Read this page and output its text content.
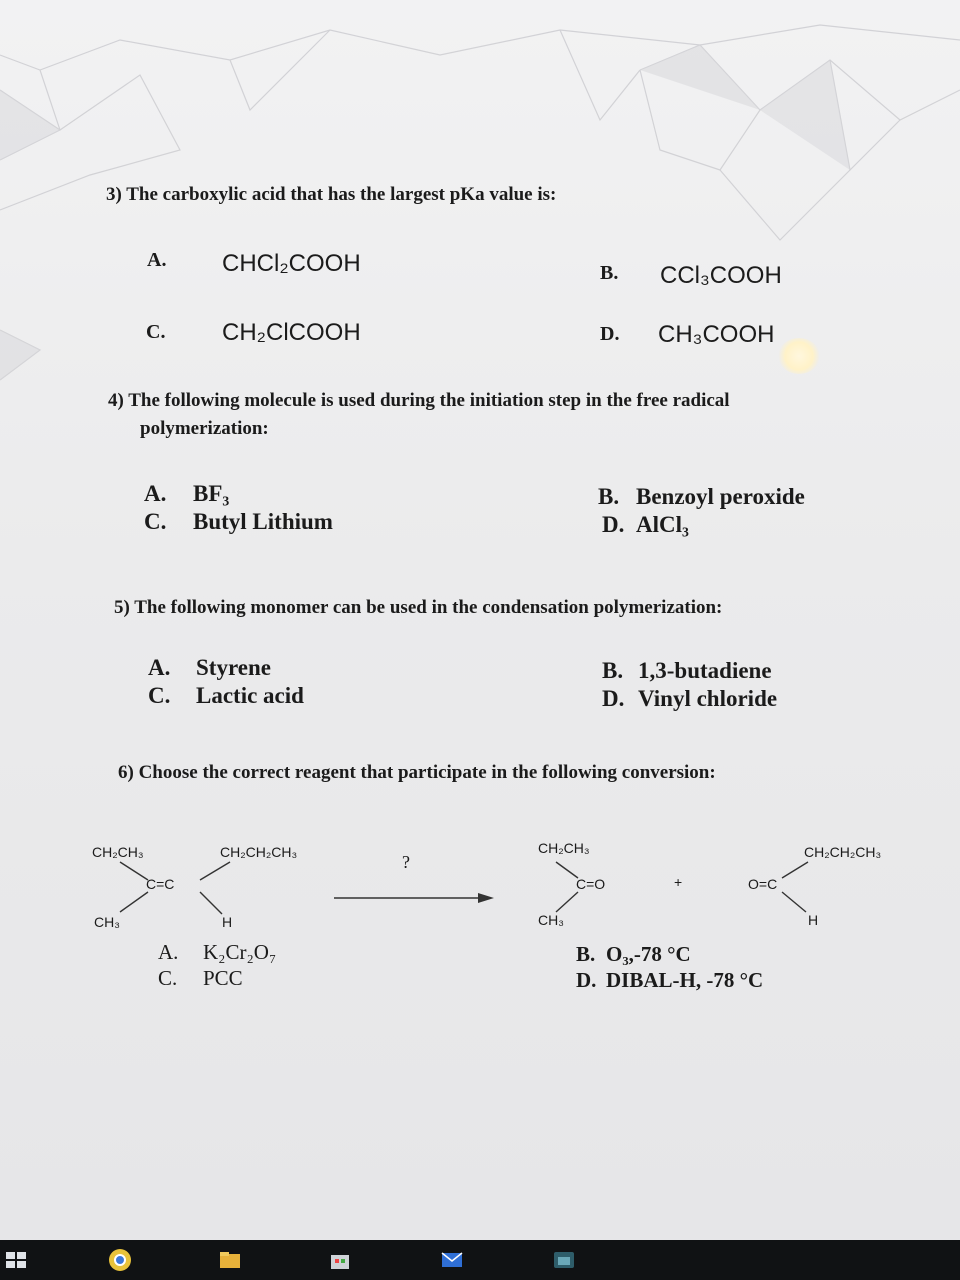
3) The carboxylic acid that has the largest pKa value is:
A. CHCl₂COOH	B. CCl₃COOH
C. CH₂ClCOOH	D. CH₃COOH
4) The following molecule is used during the initiation step in the free radical
polymerization:
A. BF₃	B. Benzoyl peroxide
C. Butyl Lithium	D. AlCl₃
5) The following monomer can be used in the condensation polymerization:
A. Styrene	B. 1,3-butadiene
C. Lactic acid	D. Vinyl chloride
6) Choose the correct reagent that participate in the following conversion:
CH₂CH₃	CH₂CH₂CH₃
C=C
CH₃	H
?
CH₂CH₃
C=O
CH₃
+
CH₂CH₂CH₃
O=C
H
A. K₂Cr₂O₇
C. PCC
B. O₃,-78 °C
D. DIBAL-H, -78 °C
